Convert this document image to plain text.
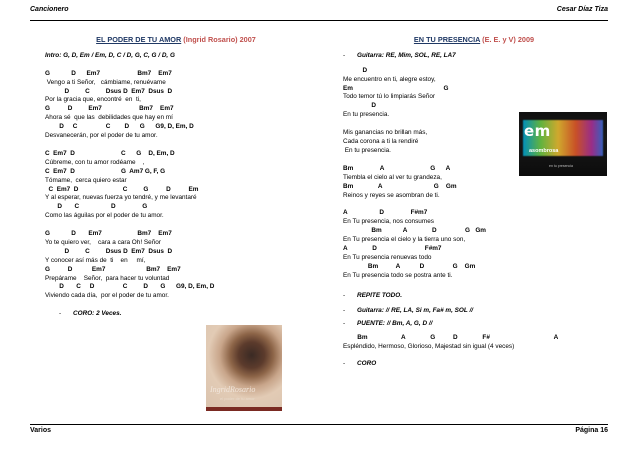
Cancionero	Cesar Díaz Tiza
EL PODER DE TU AMOR (Ingrid Rosario) 2007
Intro: G, D, Em / Em, D, C / D, G, C, G / D, G
G            D      Em7                     Bm7    Em7
Vengo a ti Señor,   cámbiame, renuévame
D         C         Dsus D  Em7  Dsus  D
Por la gracia que, encontré  en  ti,
G          D         Em7                     Bm7    Em7
Ahora sé  que las  debilidades que hay en mí
D     C                C        D      G      G9, D, Em, D
Desvanecerán, por el poder de tu amor.
C  Em7  D                          C      G    D, Em, D
Cúbreme, con tu amor rodéame    ,
C  Em7  D                          G  Am7 G, F, G
Tómame,  cerca quiero estar
C  Em7  D                         C         G          D          Em
Y al esperar, nuevas fuerza yo tendré, y me levantaré
D       C                  D               G
Como las águilas por el poder de tu amor.
G            D       Em7                    Bm7    Em7
Yo te quiero ver,    cara a cara Oh! Señor
D         C         Dsus D  Em7  Dsus  D
Y conocer así más de  ti    en     mí,
G          D           Em7                       Bm7    Em7
Prepárame    Señor,  para hacer tu voluntad
D       C     D                C         D       G      G9, D, Em, D
Viviendo cada día,  por el poder de tu amor.
- CORO: 2 Veces.
IngridRosario
el poder de tu amor
EN TU PRESENCIA (E. E. y V) 2009
- Guitarra: RE, Mim, SOL, RE, LA7
D
Me encuentro en ti, alegre estoy,
Em                                                   G
Todo temor tú lo limpiarás Señor
D
En tu presencia.
Mis ganancias no brillan más,
Cada corona a ti la rendiré
En tu presencia.
Bm               A                          G      A
Tiembla el cielo al ver tu grandeza,
Bm              A                             G    Gm
Reinos y reyes se asombran de ti.
A                  D               F#m7
En Tu presencia, nos consumes
Bm            A              D                G   Gm
En Tu presencia el cielo y la tierra uno son,
A              D                           F#m7
En Tu presencia renuevas todo
Bm          A           D                G    Gm
En Tu presencia todo se postra ante ti.
- REPITE TODO.
- Guitarra: // RE, LA, Si m, Fa# m, SOL //
- PUENTE: // Bm, A, G, D //
Bm                   A              G          D              F#                                    A
Espléndido, Hermoso, Glorioso, Majestad sin igual (4 veces)
- CORO
em
asombrosa
en tu presencia
Varios	Página 16
